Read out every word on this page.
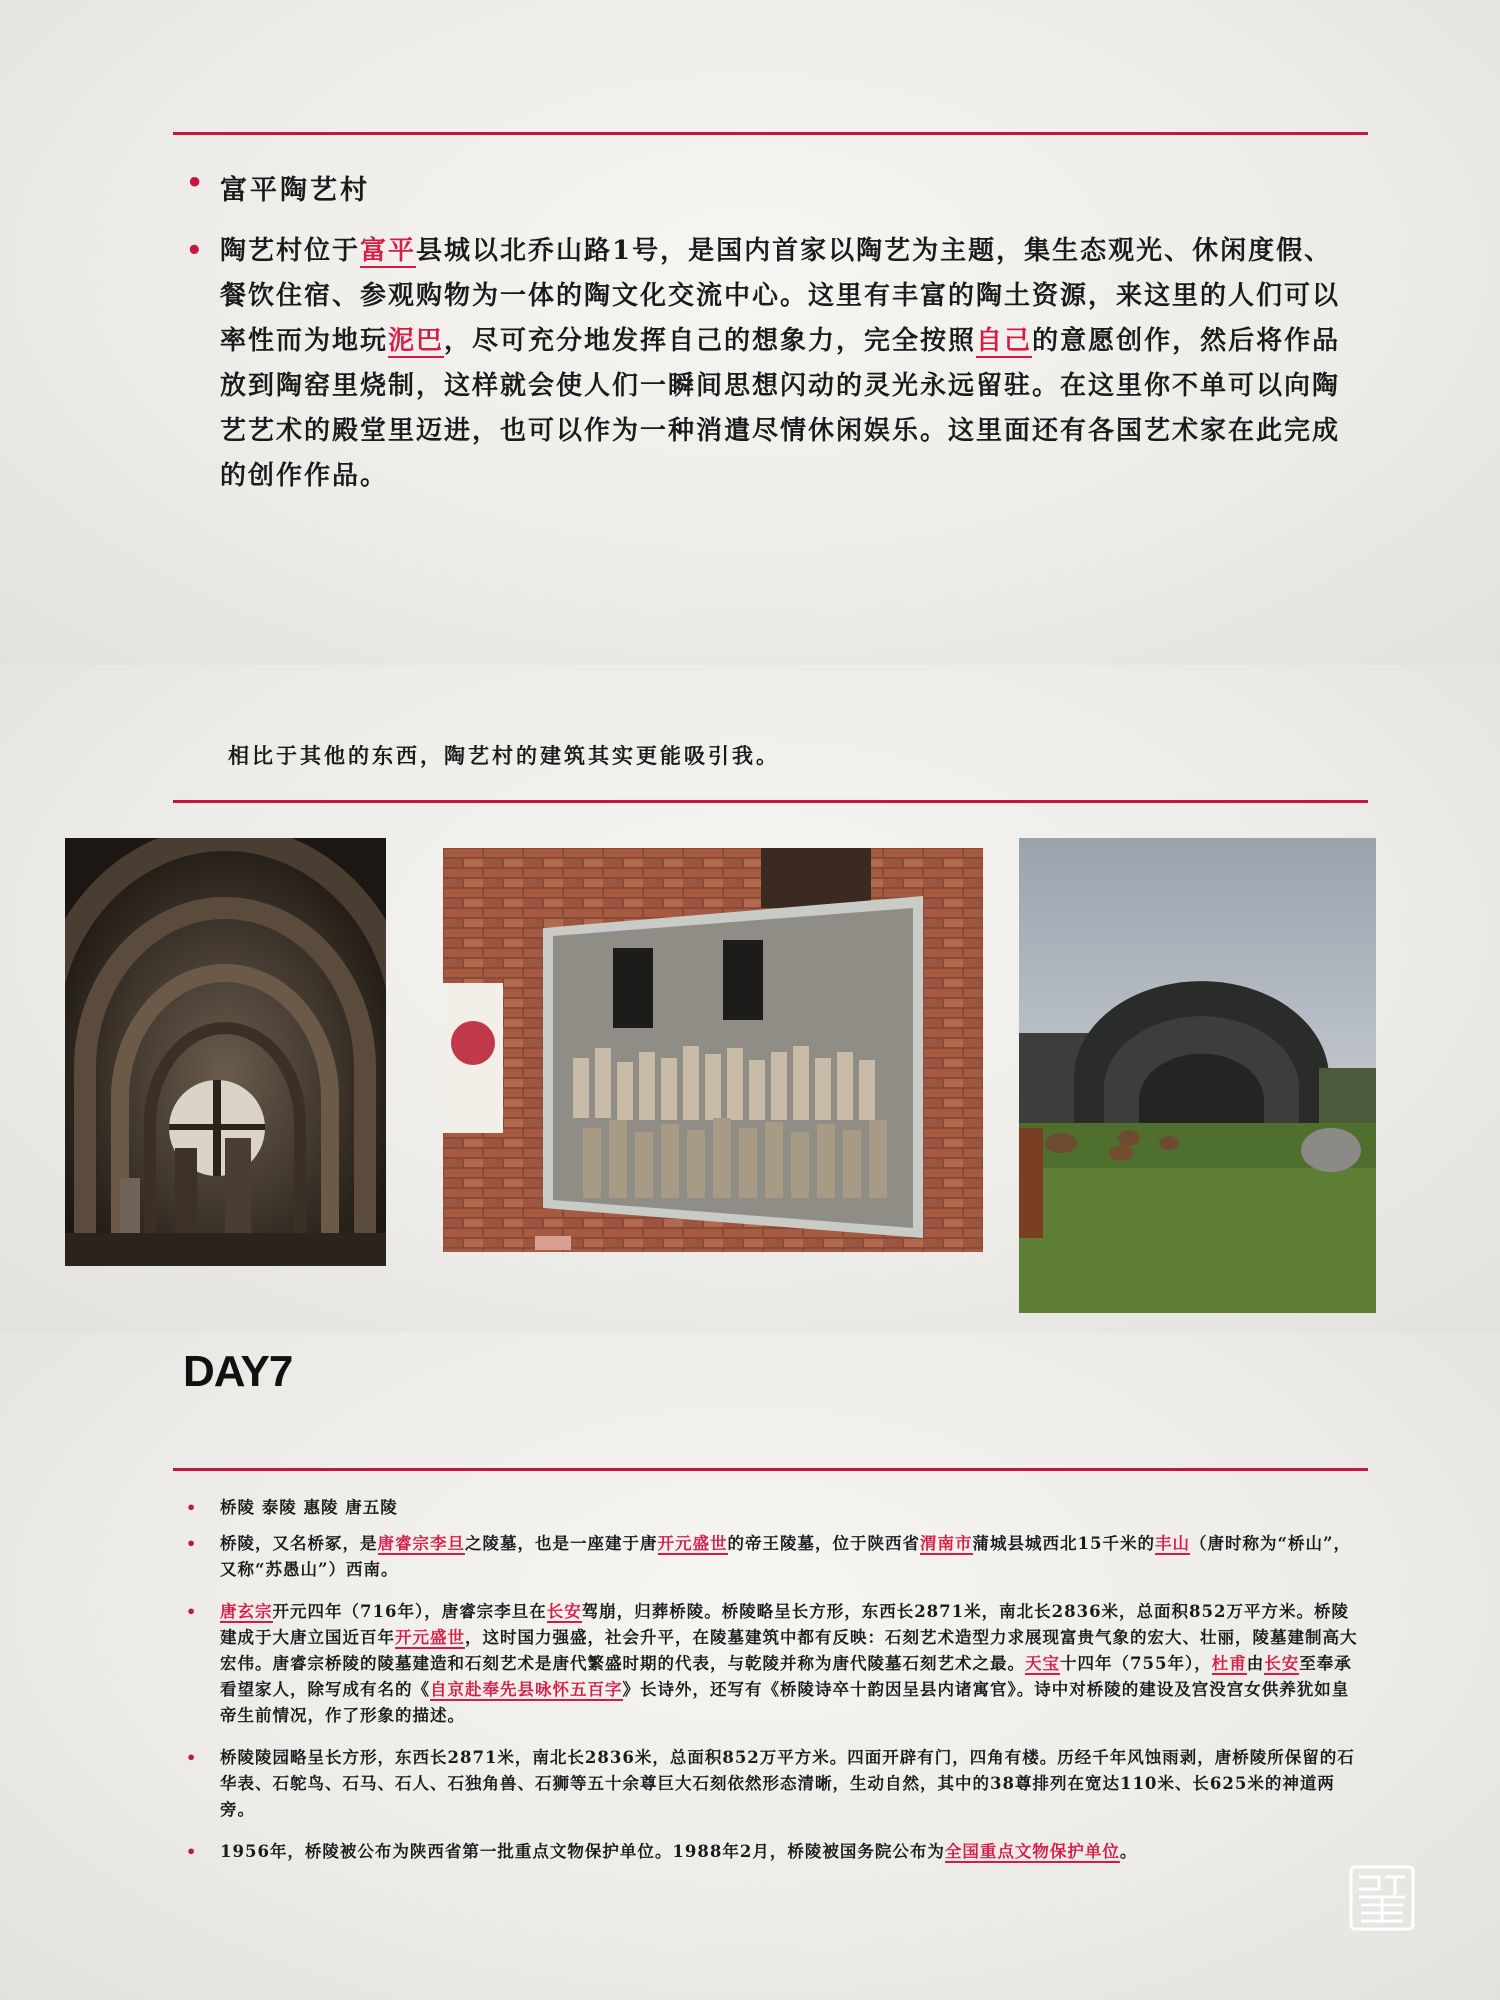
• 富平陶艺村
• 陶艺村位于富平县城以北乔山路1号，是国内首家以陶艺为主题，集生态观光、休闲度假、餐饮住宿、参观购物为一体的陶文化交流中心。这里有丰富的陶土资源，来这里的人们可以率性而为地玩泥巴，尽可充分地发挥自己的想象力，完全按照自己的意愿创作，然后将作品放到陶窑里烧制，这样就会使人们一瞬间思想闪动的灵光永远留驻。在这里你不单可以向陶艺艺术的殿堂里迈进，也可以作为一种消遣尽情休闲娱乐。这里面还有各国艺术家在此完成的创作作品。
相比于其他的东西，陶艺村的建筑其实更能吸引我。
DAY7
• 桥陵 泰陵 惠陵 唐五陵
• 桥陵，又名桥冢，是唐睿宗李旦之陵墓，也是一座建于唐开元盛世的帝王陵墓，位于陕西省渭南市蒲城县城西北15千米的丰山（唐时称为“桥山”，又称“苏愚山”）西南。
• 唐玄宗开元四年（716年），唐睿宗李旦在长安驾崩，归葬桥陵。桥陵略呈长方形，东西长2871米，南北长2836米，总面积852万平方米。桥陵建成于大唐立国近百年开元盛世，这时国力强盛，社会升平，在陵墓建筑中都有反映：石刻艺术造型力求展现富贵气象的宏大、壮丽，陵墓建制高大宏伟。唐睿宗桥陵的陵墓建造和石刻艺术是唐代繁盛时期的代表，与乾陵并称为唐代陵墓石刻艺术之最。天宝十四年（755年），杜甫由长安至奉承看望家人，除写成有名的《自京赴奉先县咏怀五百字》长诗外，还写有《桥陵诗卒十韵因呈县内诸寓官》。诗中对桥陵的建设及宫没宫女供养犹如皇帝生前情况，作了形象的描述。
• 桥陵陵园略呈长方形，东西长2871米，南北长2836米，总面积852万平方米。四面开辟有门，四角有楼。历经千年风蚀雨剥，唐桥陵所保留的石华表、石鸵鸟、石马、石人、石独角兽、石狮等五十余尊巨大石刻依然形态清晰，生动自然，其中的38尊排列在宽达110米、长625米的神道两旁。
• 1956年，桥陵被公布为陕西省第一批重点文物保护单位。1988年2月，桥陵被国务院公布为全国重点文物保护单位。
